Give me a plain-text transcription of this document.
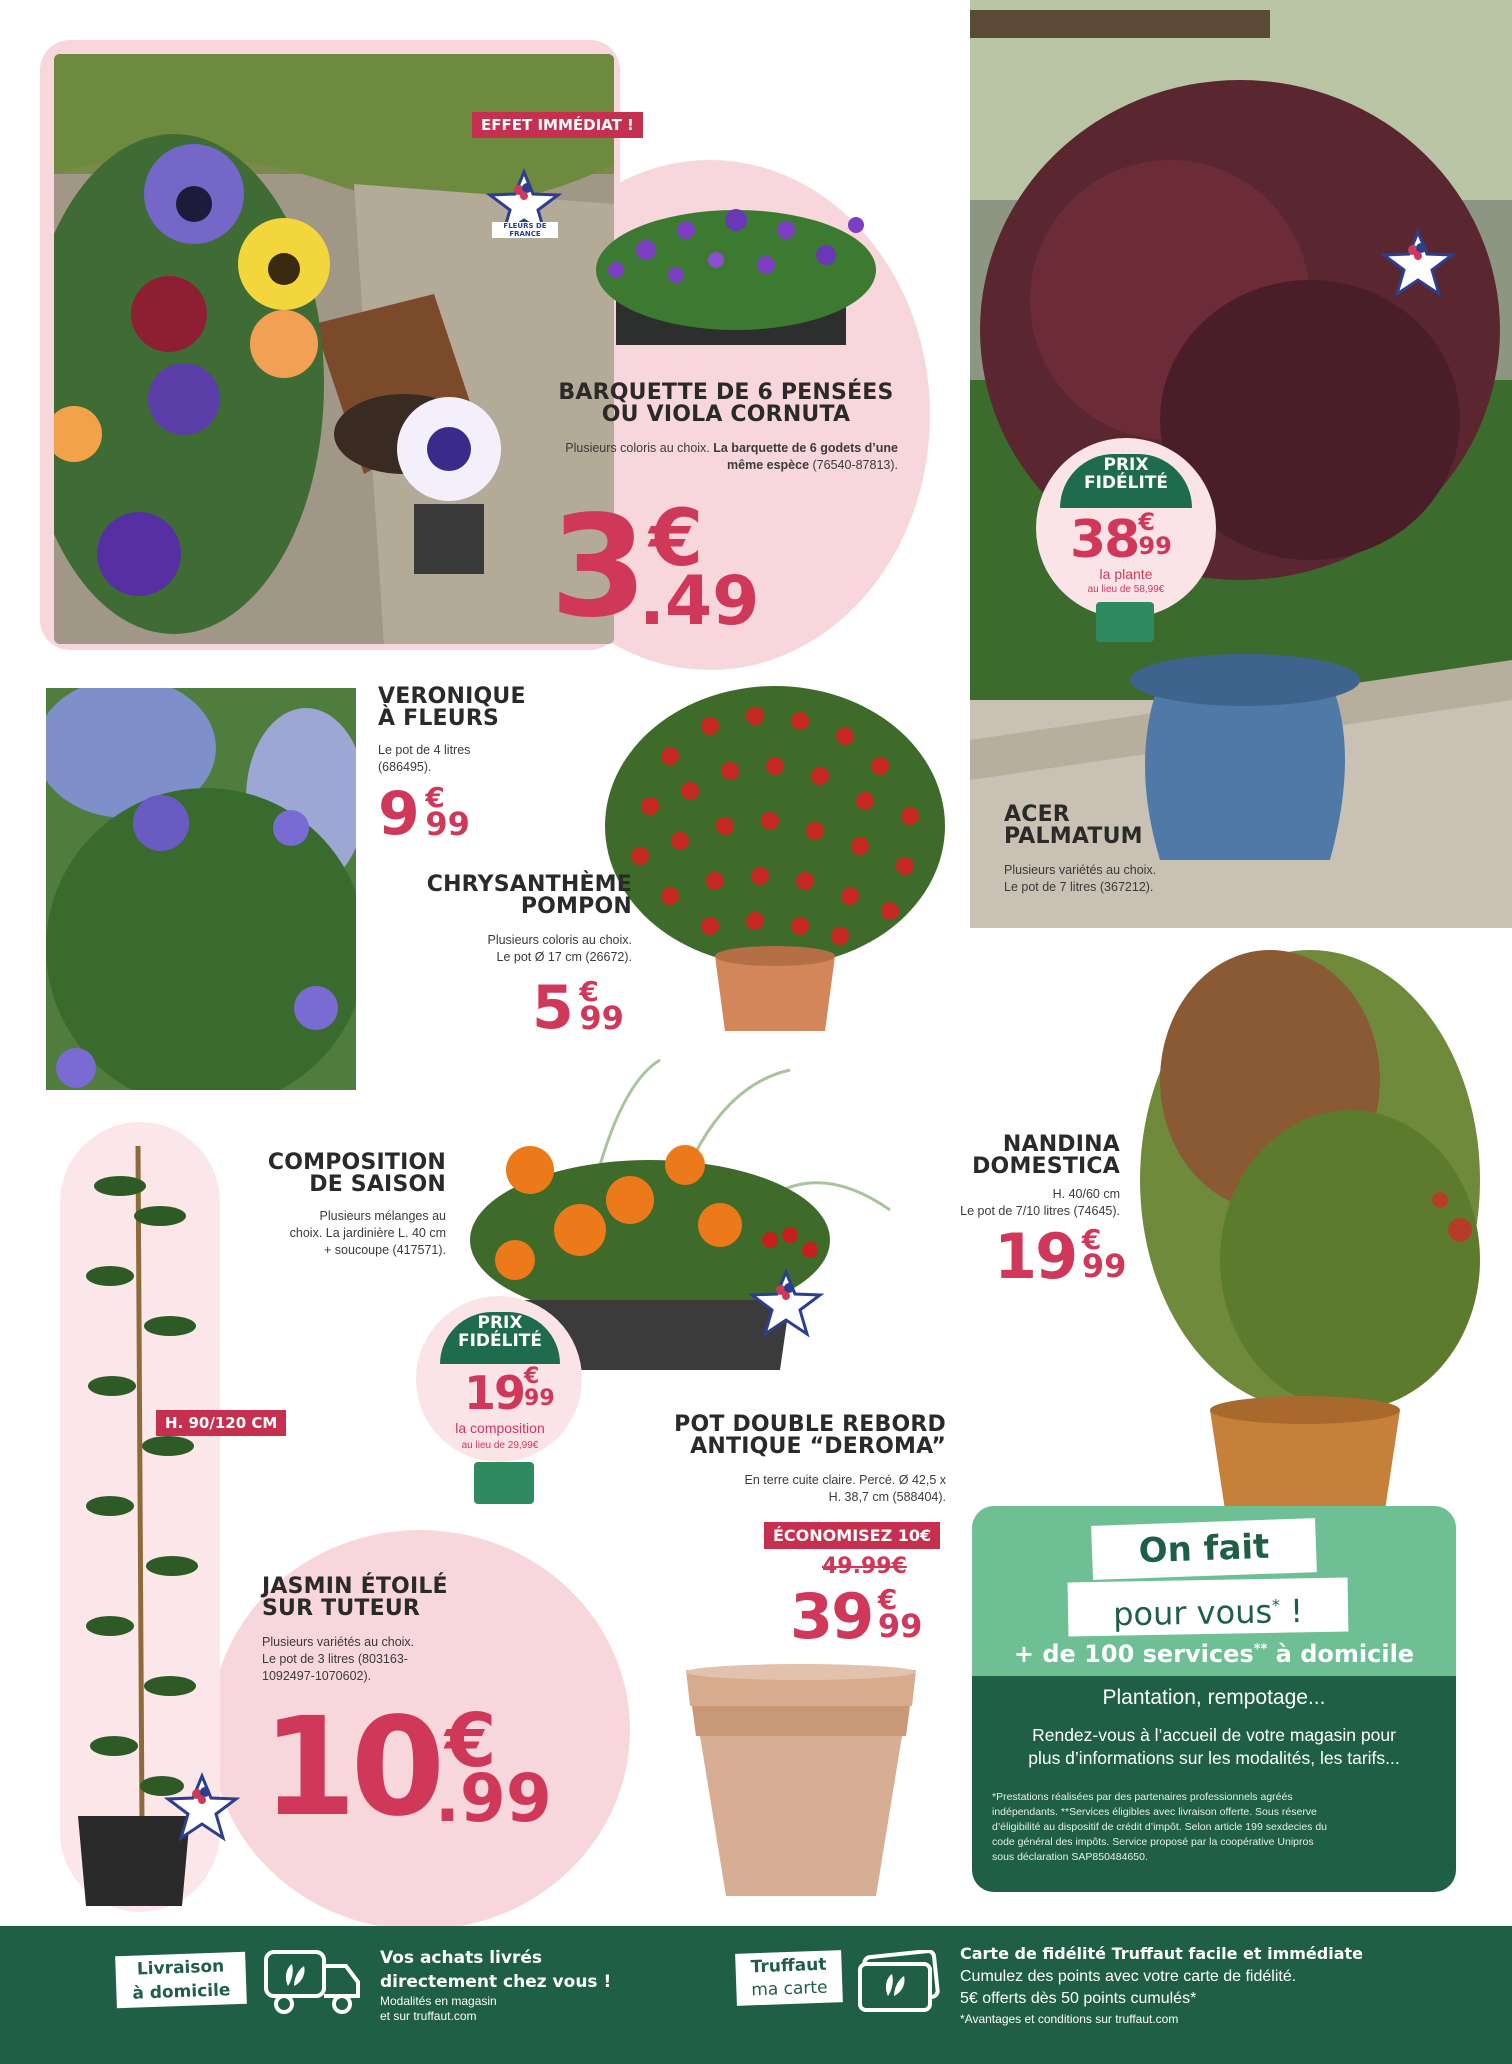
EFFET IMMÉDIAT !
BARQUETTE DE 6 PENSÉES
OU VIOLA CORNUTA
Plusieurs coloris au choix. La barquette de 6 godets d’une même espèce (76540-87813).
3 €
.49
PRIX
FIDÉLITÉ
38 €
99
la plante
au lieu de 58,99€
ACER
PALMATUM
Plusieurs variétés au choix.
Le pot de 7 litres (367212).
VERONIQUE
À FLEURS
Le pot de 4 litres
(686495).
9 €
99
CHRYSANTHÈME
POMPON
Plusieurs coloris au choix.
Le pot Ø 17 cm (26672).
5 €
99
NANDINA
DOMESTICA
H. 40/60 cm
Le pot de 7/10 litres (74645).
19 €
99
COMPOSITION
DE SAISON
Plusieurs mélanges au
choix. La jardinière L. 40 cm
+ soucoupe (417571).
PRIX
FIDÉLITÉ
19 €
99
la composition
au lieu de 29,99€
H. 90/120 CM
JASMIN ÉTOILÉ
SUR TUTEUR
Plusieurs variétés au choix.
Le pot de 3 litres (803163-
1092497-1070602).
10 €
.99
POT DOUBLE REBORD
ANTIQUE “DEROMA”
En terre cuite claire. Percé. Ø 42,5 x
H. 38,7 cm (588404).
ÉCONOMISEZ 10€
49.99€
39 €
99
On fait
pour vous* !
+ de 100 services** à domicile
Plantation, rempotage...
Rendez-vous à l’accueil de votre magasin pour
plus d’informations sur les modalités, les tarifs...
*Prestations réalisées par des partenaires professionnels agréés
indépendants. **Services éligibles avec livraison offerte. Sous réserve
d’éligibilité au dispositif de crédit d’impôt. Selon article 199 sexdecies du
code général des impôts. Service proposé par la coopérative Unipros
sous déclaration SAP850484650.
Livraison
à domicile
Vos achats livrés
directement chez vous !
Modalités en magasin
et sur truffaut.com
Truffaut
ma carte
Carte de fidélité Truffaut facile et immédiate
Cumulez des points avec votre carte de fidélité.
5€ offerts dès 50 points cumulés*
*Avantages et conditions sur truffaut.com
FLEURS DE FRANCE
